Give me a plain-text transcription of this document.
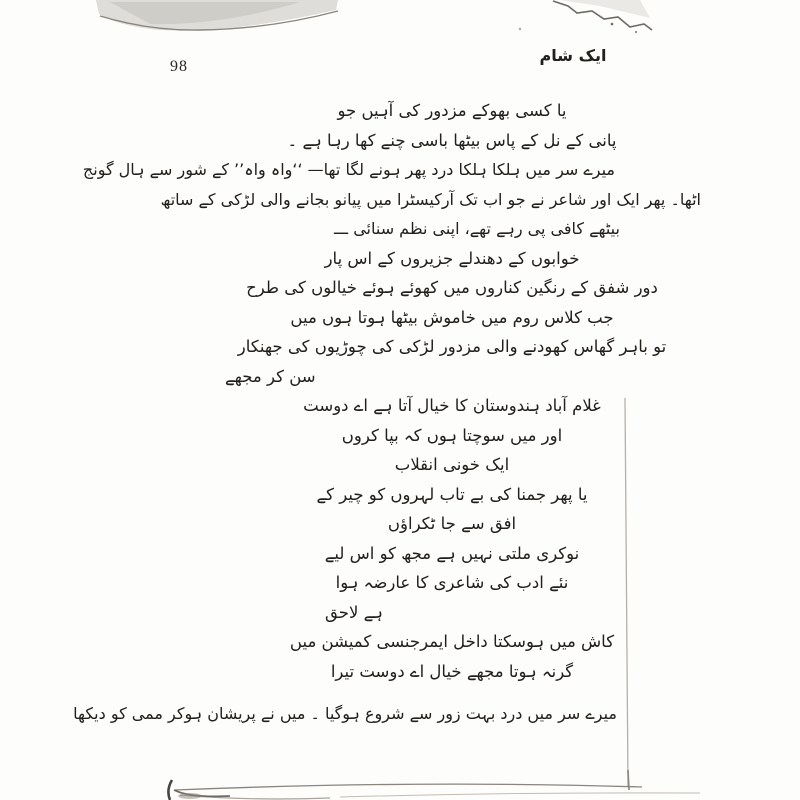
98
ایک شام
یا کسی بھوکے مزدور کی آہیں جو
پانی کے نل کے پاس بیٹھا باسی چنے کھا رہا ہے ۔
میرے سر میں ہلکا ہلکا درد پھر ہونے لگا تھا— ‘‘واہ واہ’’ کے شور سے ہال گونج
اٹھا۔ پھر ایک اور شاعر نے جو اب تک آرکیسٹرا میں پیانو بجانے والی لڑکی کے ساتھ
بیٹھے کافی پی رہے تھے، اپنی نظم سنائی ـــ
خوابوں کے دھندلے جزیروں کے اس پار
دور شفق کے رنگین کناروں میں کھوئے ہوئے خیالوں کی طرح
جب کلاس روم میں خاموش بیٹھا ہوتا ہوں میں
تو باہر گھاس کھودنے والی مزدور لڑکی کی چوڑیوں کی جھنکار
سن کر مجھے
غلام آباد ہندوستان کا خیال آتا ہے اے دوست
اور میں سوچتا ہوں کہ بپا کروں
ایک خونی انقلاب
یا پھر جمنا کی بے تاب لہروں کو چیر کے
افق سے جا ٹکراؤں
نوکری ملتی نہیں ہے مجھ کو اس لیے
نئے ادب کی شاعری کا عارضہ ہوا
ہے لاحق
کاش میں ہوسکتا داخل ایمرجنسی کمیشن میں
گرنہ ہوتا مجھے خیال اے دوست تیرا
میرے سر میں درد بہت زور سے شروع ہوگیا ۔ میں نے پریشان ہوکر ممی کو دیکھا
